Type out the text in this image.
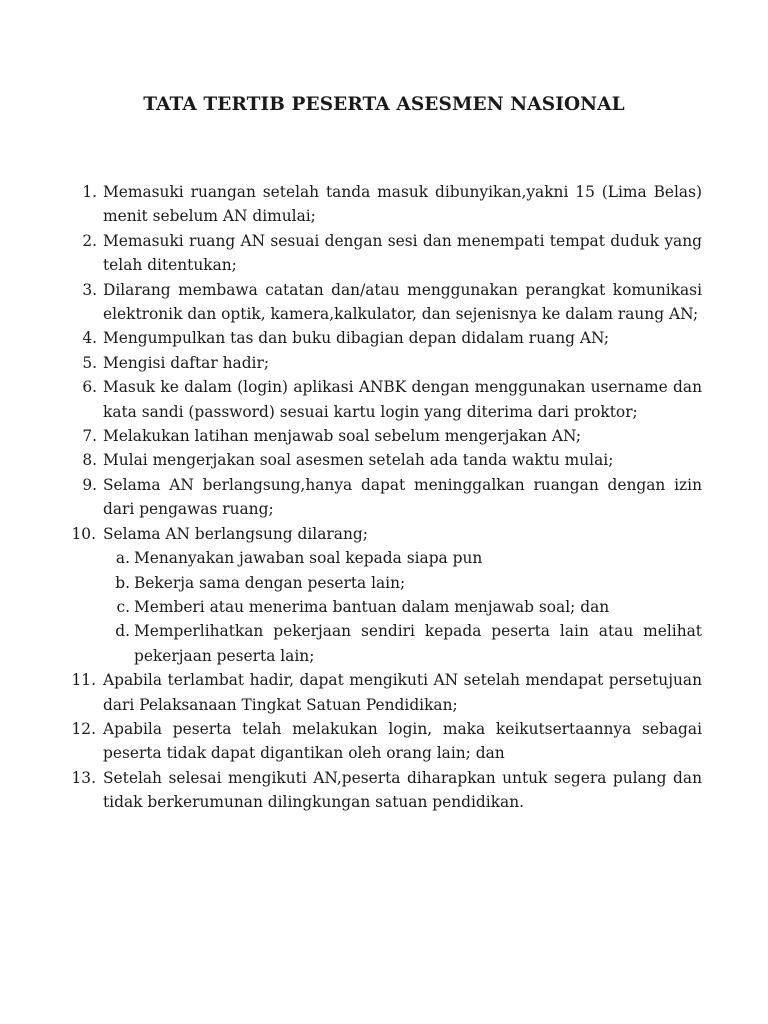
TATA TERTIB PESERTA ASESMEN NASIONAL
1. Memasuki ruangan setelah tanda masuk dibunyikan,yakni 15 (Lima Belas) menit sebelum AN dimulai;
2. Memasuki ruang AN sesuai dengan sesi dan menempati tempat duduk yang telah ditentukan;
3. Dilarang membawa catatan dan/atau menggunakan perangkat komunikasi elektronik dan optik, kamera,kalkulator, dan sejenisnya ke dalam raung AN;
4. Mengumpulkan tas dan buku dibagian depan didalam ruang AN;
5. Mengisi daftar hadir;
6. Masuk ke dalam (login) aplikasi ANBK dengan menggunakan username dan kata sandi (password) sesuai kartu login yang diterima dari proktor;
7. Melakukan latihan menjawab soal sebelum mengerjakan AN;
8. Mulai mengerjakan soal asesmen setelah ada tanda waktu mulai;
9. Selama AN berlangsung,hanya dapat meninggalkan ruangan dengan izin dari pengawas ruang;
10. Selama AN berlangsung dilarang;
a. Menanyakan jawaban soal kepada siapa pun
b. Bekerja sama dengan peserta lain;
c. Memberi atau menerima bantuan dalam menjawab soal; dan
d. Memperlihatkan pekerjaan sendiri kepada peserta lain atau melihat pekerjaan peserta lain;
11. Apabila terlambat hadir, dapat mengikuti AN setelah mendapat persetujuan dari Pelaksanaan Tingkat Satuan Pendidikan;
12. Apabila peserta telah melakukan login, maka keikutsertaannya sebagai peserta tidak dapat digantikan oleh orang lain; dan
13. Setelah selesai mengikuti AN,peserta diharapkan untuk segera pulang dan tidak berkerumunan dilingkungan satuan pendidikan.
